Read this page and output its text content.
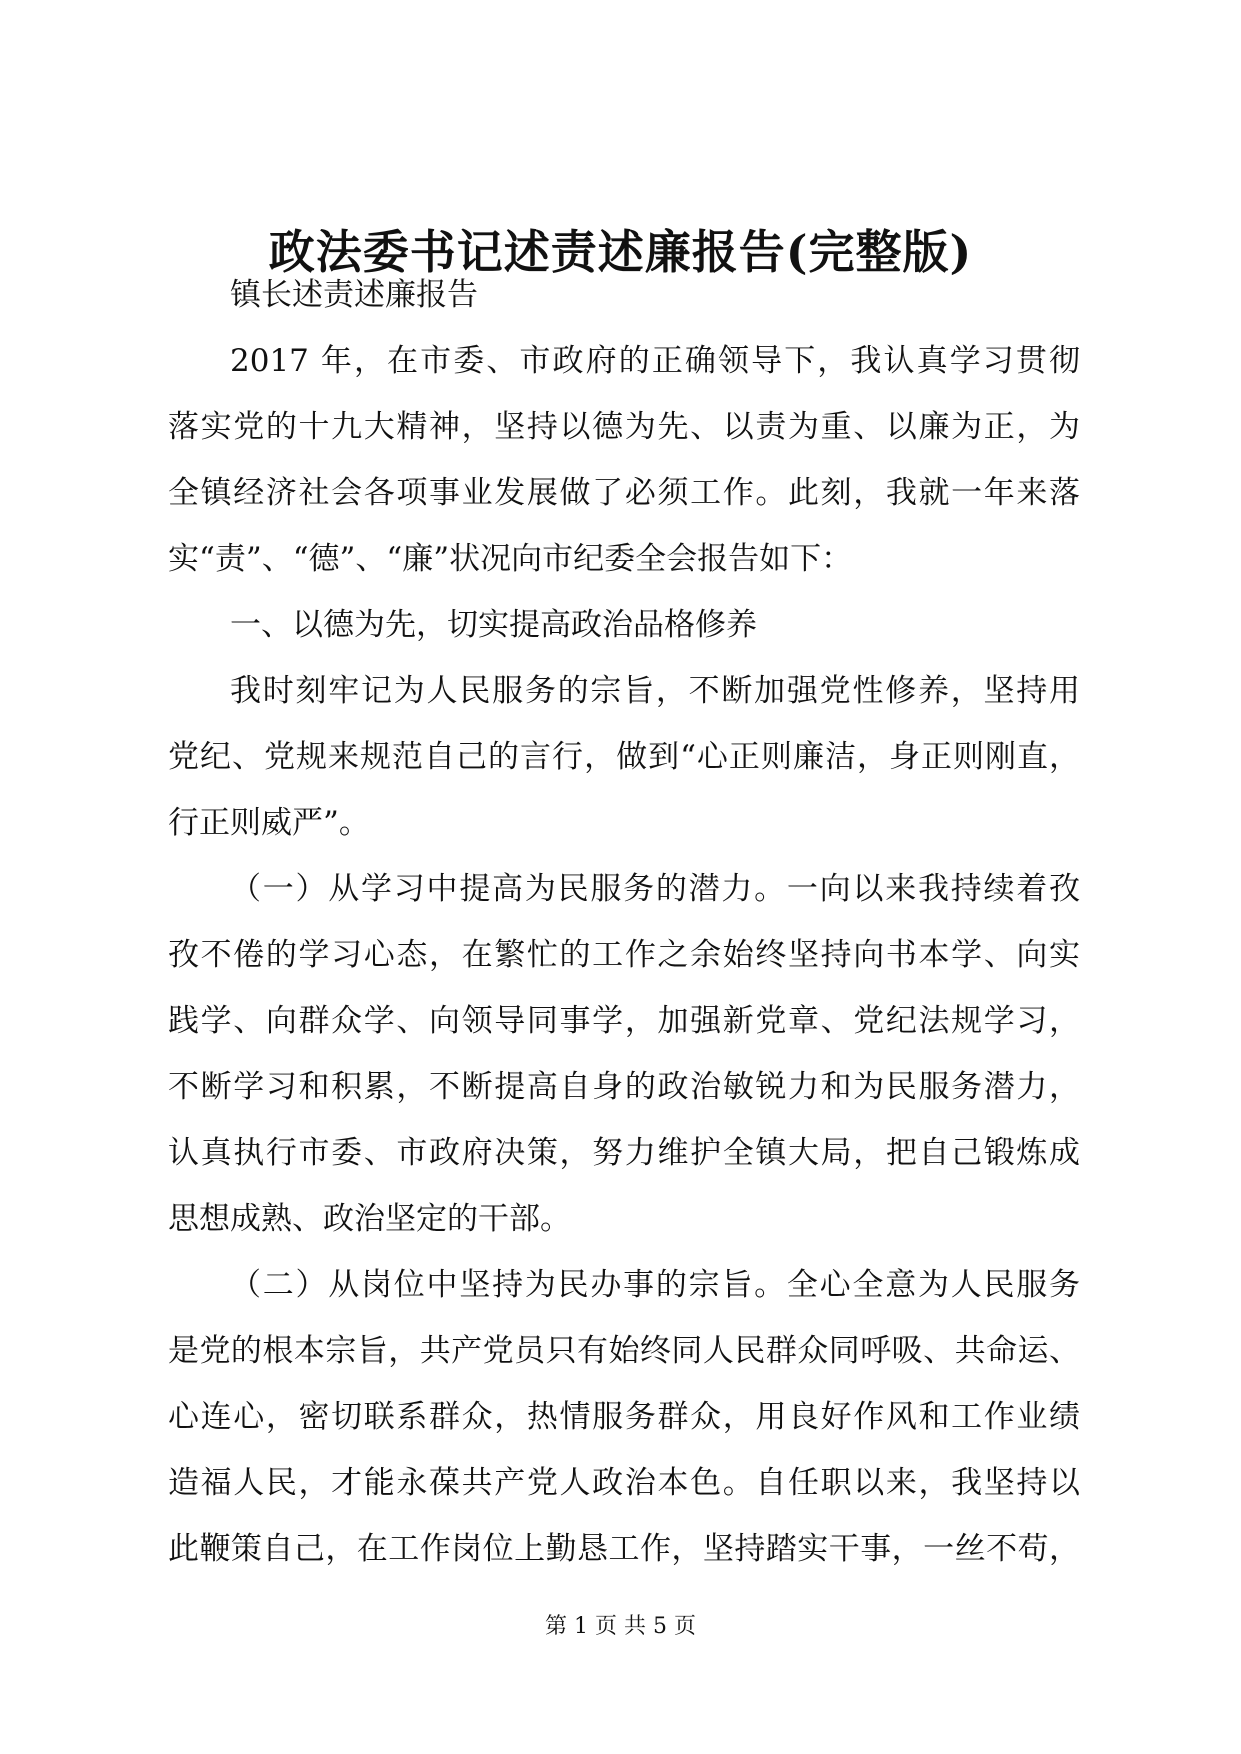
政法委书记述责述廉报告(完整版)
镇长述责述廉报告
2017 年，在市委、市政府的正确领导下，我认真学习贯彻
落实党的十九大精神，坚持以德为先、以责为重、以廉为正，为
全镇经济社会各项事业发展做了必须工作。此刻，我就一年来落
实“责”、“德”、“廉”状况向市纪委全会报告如下：
一、以德为先，切实提高政治品格修养
我时刻牢记为人民服务的宗旨，不断加强党性修养，坚持用
党纪、党规来规范自己的言行，做到“心正则廉洁，身正则刚直，
行正则威严”。
（一）从学习中提高为民服务的潜力。一向以来我持续着孜
孜不倦的学习心态，在繁忙的工作之余始终坚持向书本学、向实
践学、向群众学、向领导同事学，加强新党章、党纪法规学习，
不断学习和积累，不断提高自身的政治敏锐力和为民服务潜力，
认真执行市委、市政府决策，努力维护全镇大局，把自己锻炼成
思想成熟、政治坚定的干部。
（二）从岗位中坚持为民办事的宗旨。全心全意为人民服务
是党的根本宗旨，共产党员只有始终同人民群众同呼吸、共命运、
心连心，密切联系群众，热情服务群众，用良好作风和工作业绩
造福人民，才能永葆共产党人政治本色。自任职以来，我坚持以
此鞭策自己，在工作岗位上勤恳工作，坚持踏实干事，一丝不苟，
第 1 页 共 5 页
